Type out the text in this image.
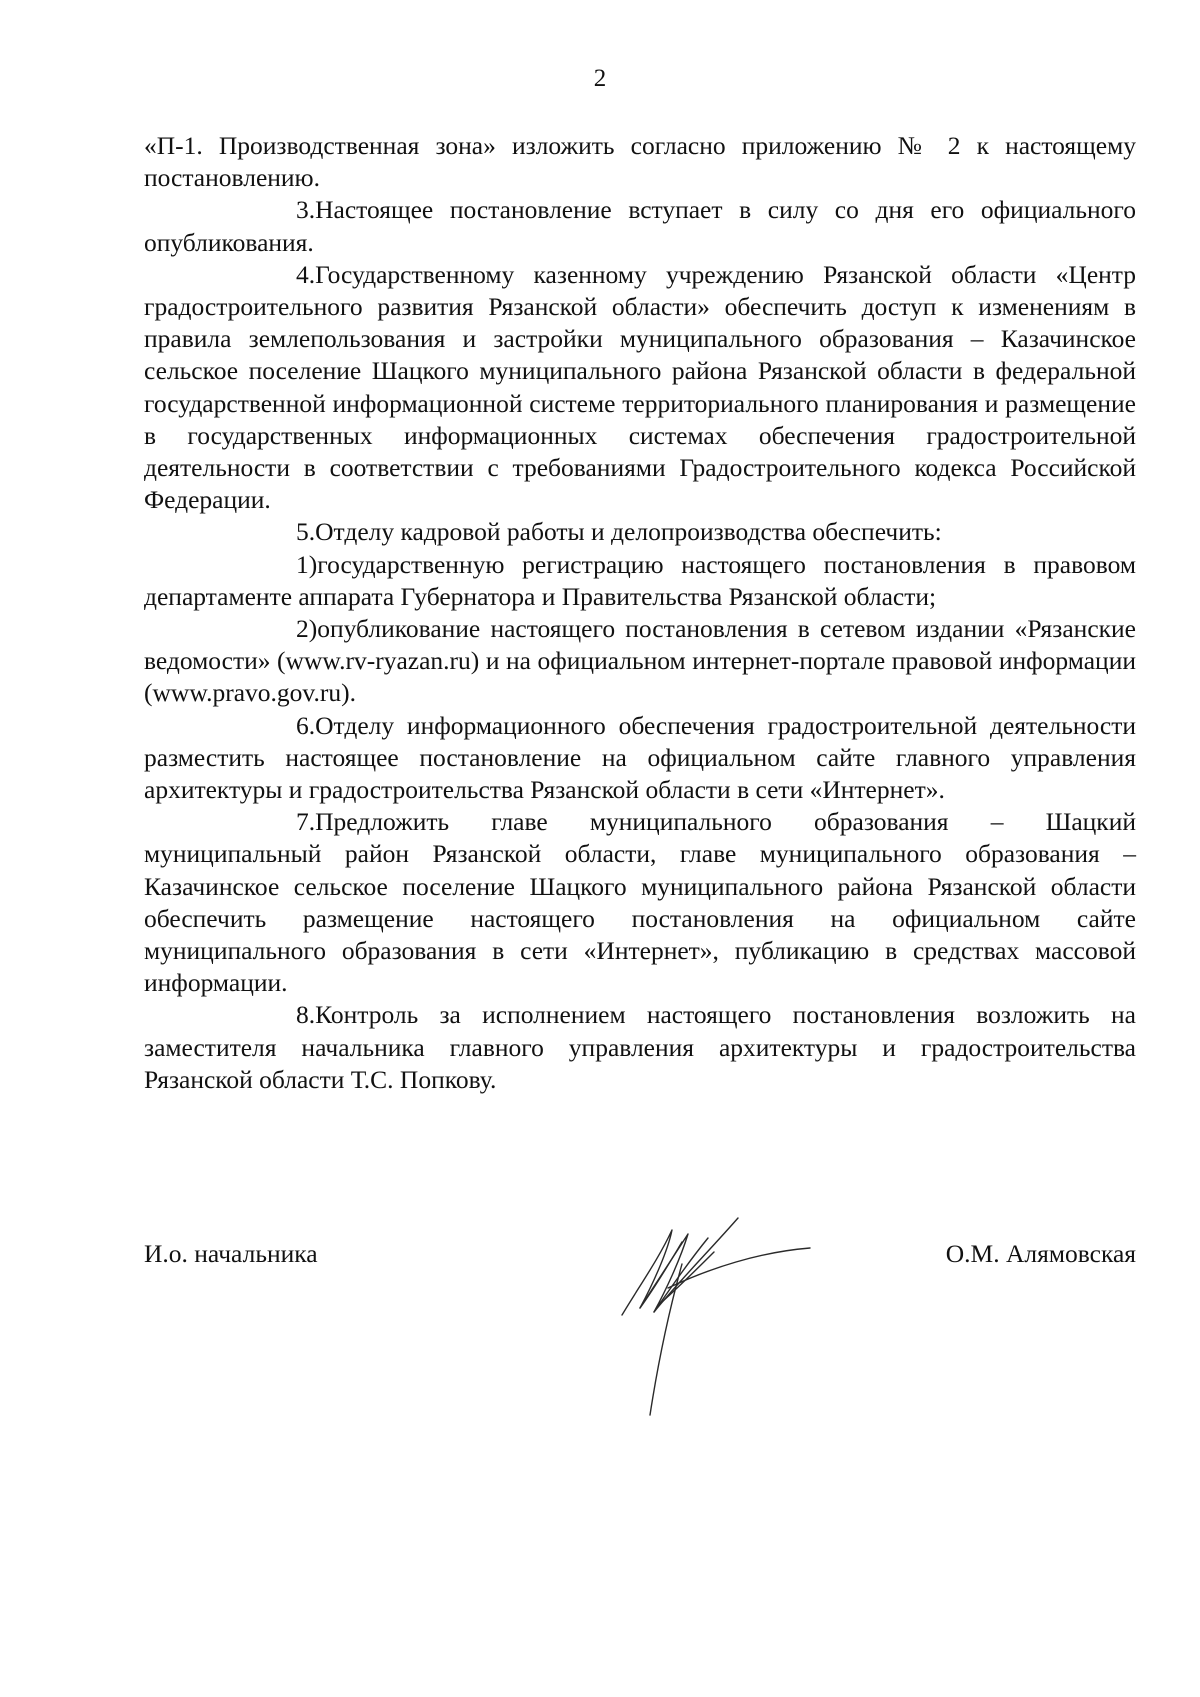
2

«П-1. Производственная зона» изложить согласно приложению № 2 к настоящему постановлению.

3.Настоящее постановление вступает в силу со дня его официального опубликования.

4.Государственному казенному учреждению Рязанской области «Центр градостроительного развития Рязанской области» обеспечить доступ к изменениям в правила землепользования и застройки муниципального образования – Казачинское сельское поселение Шацкого муниципального района Рязанской области в федеральной государственной информационной системе территориального планирования и размещение в государственных информационных системах обеспечения градостроительной деятельности в соответствии с требованиями Градостроительного кодекса Российской Федерации.

5.Отделу кадровой работы и делопроизводства обеспечить:

1)государственную регистрацию настоящего постановления в правовом департаменте аппарата Губернатора и Правительства Рязанской области;

2)опубликование настоящего постановления в сетевом издании «Рязанские ведомости» (www.rv-ryazan.ru) и на официальном интернет-портале правовой информации (www.pravo.gov.ru).

6.Отделу информационного обеспечения градостроительной деятельности разместить настоящее постановление на официальном сайте главного управления архитектуры и градостроительства Рязанской области в сети «Интернет».

7.Предложить главе муниципального образования – Шацкий муниципальный район Рязанской области, главе муниципального образования – Казачинское сельское поселение Шацкого муниципального района Рязанской области обеспечить размещение настоящего постановления на официальном сайте муниципального образования в сети «Интернет», публикацию в средствах массовой информации.

8.Контроль за исполнением настоящего постановления возложить на заместителя начальника главного управления архитектуры и градостроительства Рязанской области Т.С. Попкову.

И.о. начальника	О.М. Алямовская
